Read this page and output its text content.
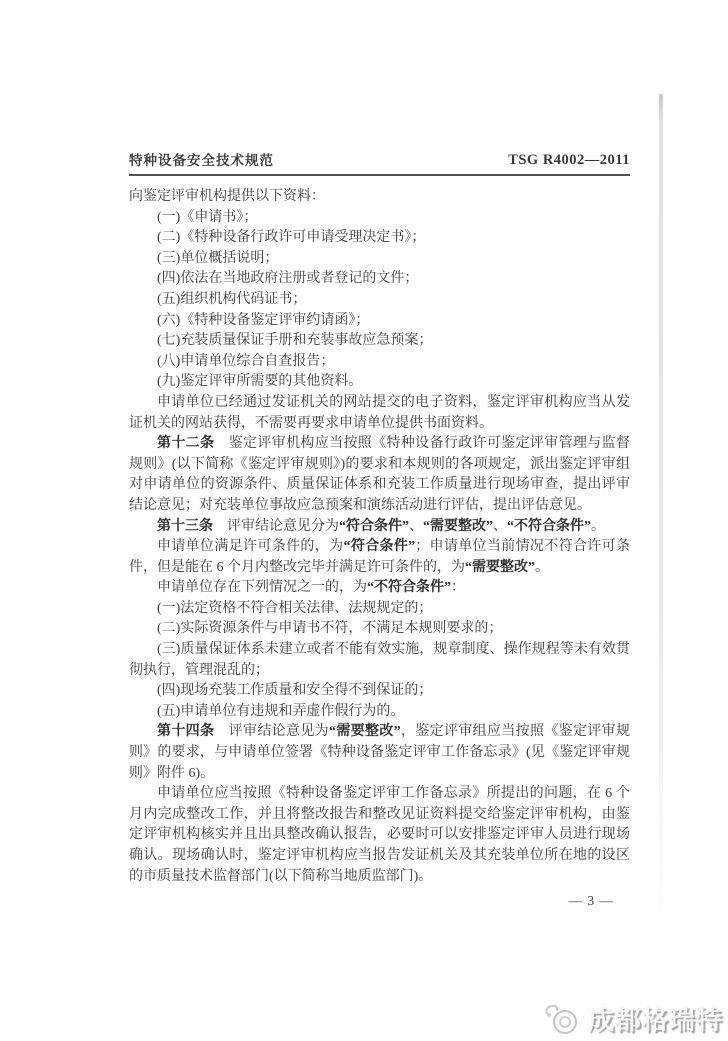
特种设备安全技术规范	TSG R4002—2011

向鉴定评审机构提供以下资料：

(一)《申请书》；

(二)《特种设备行政许可申请受理决定书》；

(三)单位概括说明；

(四)依法在当地政府注册或者登记的文件；

(五)组织机构代码证书；

(六)《特种设备鉴定评审约请函》；

(七)充装质量保证手册和充装事故应急预案；

(八)申请单位综合自查报告；

(九)鉴定评审所需要的其他资料。

申请单位已经通过发证机关的网站提交的电子资料，鉴定评审机构应当从发证机关的网站获得，不需要再要求申请单位提供书面资料。

第十二条　鉴定评审机构应当按照《特种设备行政许可鉴定评审管理与监督规则》(以下简称《鉴定评审规则》)的要求和本规则的各项规定，派出鉴定评审组对申请单位的资源条件、质量保证体系和充装工作质量进行现场审查，提出评审结论意见；对充装单位事故应急预案和演练活动进行评估，提出评估意见。

第十三条　评审结论意见分为“符合条件”、“需要整改”、“不符合条件”。

申请单位满足许可条件的，为“符合条件”；申请单位当前情况不符合许可条件，但是能在 6 个月内整改完毕并满足许可条件的，为“需要整改”。

申请单位存在下列情况之一的，为“不符合条件”：

(一)法定资格不符合相关法律、法规规定的；

(二)实际资源条件与申请书不符，不满足本规则要求的；

(三)质量保证体系未建立或者不能有效实施，规章制度、操作规程等未有效贯彻执行，管理混乱的；

(四)现场充装工作质量和安全得不到保证的；

(五)申请单位有违规和弄虚作假行为的。

第十四条　评审结论意见为“需要整改”，鉴定评审组应当按照《鉴定评审规则》的要求，与申请单位签署《特种设备鉴定评审工作备忘录》(见《鉴定评审规则》附件 6)。

申请单位应当按照《特种设备鉴定评审工作备忘录》所提出的问题，在 6 个月内完成整改工作，并且将整改报告和整改见证资料提交给鉴定评审机构，由鉴定评审机构核实并且出具整改确认报告，必要时可以安排鉴定评审人员进行现场确认。现场确认时，鉴定评审机构应当报告发证机关及其充装单位所在地的设区的市质量技术监督部门(以下简称当地质监部门)。

— 3 —
成都格瑞特
